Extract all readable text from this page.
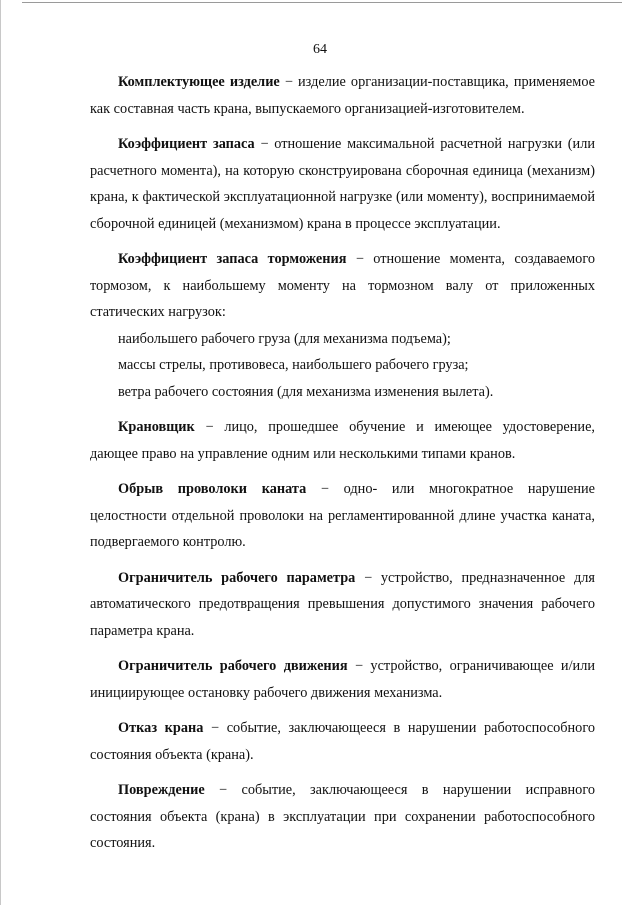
64

Комплектующее изделие − изделие организации-поставщика, применяемое как составная часть крана, выпускаемого организацией-изготовителем.

Коэффициент запаса − отношение максимальной расчетной нагрузки (или расчетного момента), на которую сконструирована сборочная единица (механизм) крана, к фактической эксплуатационной нагрузке (или моменту), воспринимаемой сборочной единицей (механизмом) крана в процессе эксплуатации.

Коэффициент запаса торможения − отношение момента, создаваемого тормозом, к наибольшему моменту на тормозном валу от приложенных статических нагрузок:

наибольшего рабочего груза (для механизма подъема);

массы стрелы, противовеса, наибольшего рабочего груза;

ветра рабочего состояния (для механизма изменения вылета).

Крановщик − лицо, прошедшее обучение и имеющее удостоверение, дающее право на управление одним или несколькими типами кранов.

Обрыв проволоки каната − одно- или многократное нарушение целостности отдельной проволоки на регламентированной длине участка каната, подвергаемого контролю.

Ограничитель рабочего параметра − устройство, предназначенное для автоматического предотвращения превышения допустимого значения рабочего параметра крана.

Ограничитель рабочего движения − устройство, ограничивающее и/или инициирующее остановку рабочего движения механизма.

Отказ крана − событие, заключающееся в нарушении работоспособного состояния объекта (крана).

Повреждение − событие, заключающееся в нарушении исправного состояния объекта (крана) в эксплуатации при сохранении работоспособного состояния.
